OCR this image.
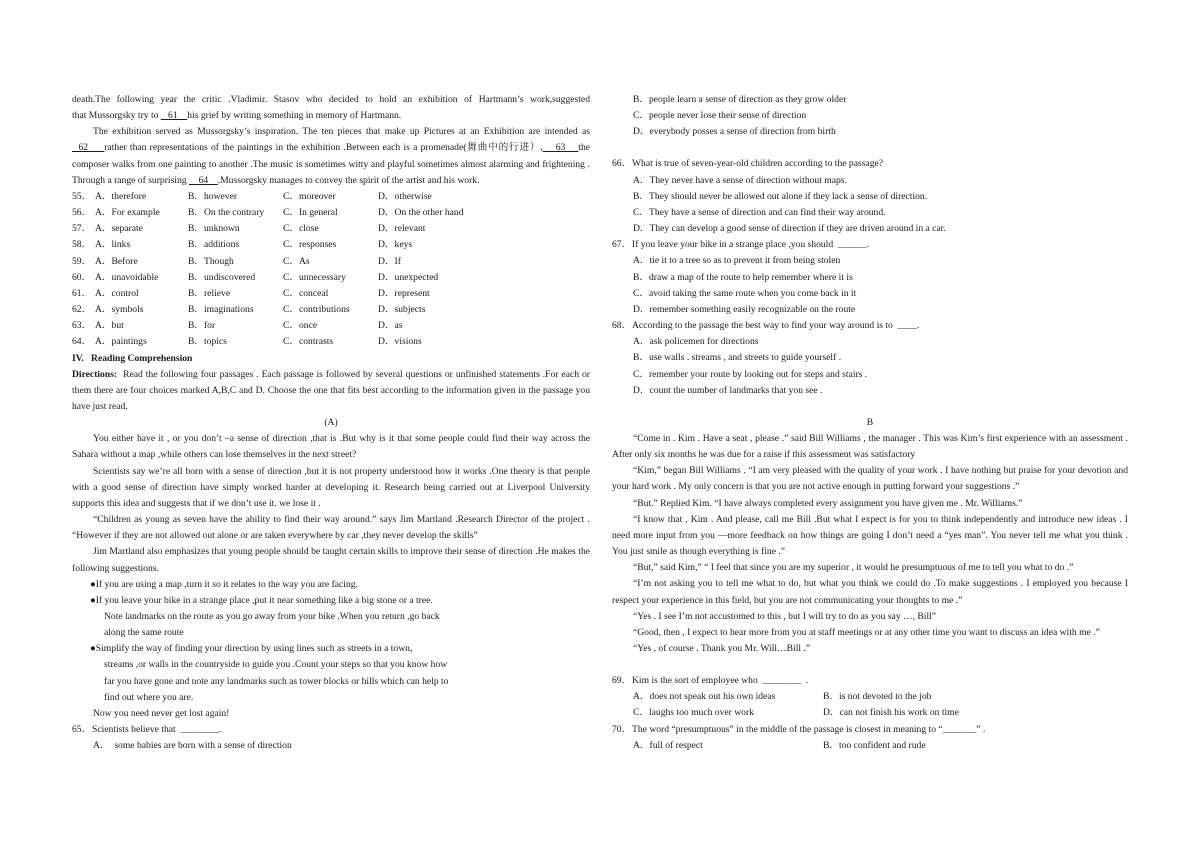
death.The following year the critic .Vladimir. Stasov who decided to hold an exhibition of Hartmann’s work,suggested

that Mussorgsky try to    61 his grief by writing something in memory of Hartmann.

The exhibition served as Mussorgsky’s inspiration. The ten pieces that make up Pictures at an Exhibition are intended as   62 rather than representations of the paintings in the exhibition .Between each is a promenade(舞曲中的行进）, 63 the composer walks from one painting to another .The music is sometimes witty and playful sometimes almost alarming and frightening . Through a range of surprising     64 .Mussorgsky manages to convey the spirit of the artist and his work.

55． A．therefore	B．however	C．moreover	D．otherwise
56． A．For example	B．On the contrary	C．In general	D．On the other hand
57． A．separate	B．unknown	C．close	D．relevant
58． A．links	B．additions	C．responses	D．keys
59． A．Before	B．Though	C．As	D．If
60． A．unavoidable	B．undiscovered	C．unnecessary	D．unexpected
61． A．control	B．relieve	C．conceal	D．represent
62． A．symbols	B．imaginations	C．contributions	D．subjects
63． A．but	B．for	C．once	D．as
64． A．paintings	B．topics	C．contrasts	D．visions

IV.   Reading Comprehension

Directions:  Read the following four passages . Each passage is followed by several questions or unfinished statements .For each or them there are four choices marked A,B,C and D. Choose the one that fits best according to the information given in the passage you have just read.

(A)

You either have it , or you don’t –a sense of direction ,that is .But why is it that some people could find their way across the Sahara without a map ,while others can lose themselves in the next street?

Scientists say we’re all born with a sense of direction ,but it is not property understood how it works .One theory is that people with a good sense of direction have simply worked harder at developing it. Research being carried out at Liverpool University supports this idea and suggests that if we don’t use it. we lose it .

“Children as young as seven have the ability to find their way around.” says Jim Martland .Research Director of the project . “However if they are not allowed out alone or are taken everywhere by car ,they never develop the skills”

Jim Martland also emphasizes that young people should be taught certain skills to improve their sense of direction .He makes the following suggestions.

●If you are using a map ,turn it so it relates to the way you are facing.

●If you leave your bike in a strange place ,put it near something like a big stone or a tree.

Note landmarks on the route as you go away from your bike .When you return ,go back

along the same route

●Simplify the way of finding your direction by using lines such as streets in a town,

streams ,or walls in the countryside to guide you .Count your steps so that you know how

far you have gone and note any landmarks such as tower blocks or hills which can help to

find out where you are.

Now you need never get lost again!

65．Scientists believe that  ________.

A．  some babies are born with a sense of direction

B．people learn a sense of direction as they grow older

C．people never lose their sense of direction

D．everybody posses a sense of direction from birth

66．What is true of seven-year-old children according to the passage?

A．They never have a sense of direction without maps.

B．They should never be allowed out alone if they lack a sense of direction.

C．They have a sense of direction and can find their way around.

D．They can develop a good sense of direction if they are driven around in a car.

67．If you leave your bike in a strange place ,you should  ______.

A．tie it to a tree so as to prevent it from being stolen

B．draw a map of the route to help remember where it is

C．avoid taking the same route when you come back in it

D．remember something easily recognizable on the route

68．According to the passage the best way to find your way around is to  ____.

A．ask policemen for directions

B．use walls . streams , and streets to guide yourself .

C．remember your route by looking out for steps and stairs .

D．count the number of landmarks that you see .

B

“Come in . Kim . Have a seat , please .” said Bill Williams , the manager . This was Kim’s first experience with an assessment . After only six months he was due for a raise if this assessment was satisfactory

“Kim,” began Bill Williams . “I am very pleased with the quality of your work . I have nothing but praise for your devotion and your hard work . My only concern is that you are not active enough in putting forward your suggestions .”

“But.” Replied Kim. “I have always completed every assignment you have given me . Mr. Williams.”

“I know that , Kim . And please, call me Bill .But what I expect is for you to think independently and introduce new ideas . I need more input from you —more feedback on how things are going I don’t need a “yes man”. You never tell me what you think . You just smile as though everything is fine .”

“But,” said Kim,” “ I feel that since you are my superior , it would he presumptuous of me to tell you what to do .”

“I’m not asking you to tell me what to do, but what you think we could do .To make suggestions . I employed you because I respect your experience in this field, but you are not communicating your thoughts to me .”

“Yes . I see I’m not accustomed to this , but I will try to do as you say …, Bill”

“Good, then , I expect to hear more from you at staff meetings or at any other time you want to discuss an idea with me .”

“Yes , of course . Thank you Mr. Will…Bill .”

69．Kim is the sort of employee who  ________  .

A．does not speak out his own ideas	B．is not devoted to the job
C．laughs too much over work	D．can not finish his work on time

70．The word “presumptuous” in the middle of the passage is closest in meaning to “_______” .

A．full of respect	B．too confident and rude
